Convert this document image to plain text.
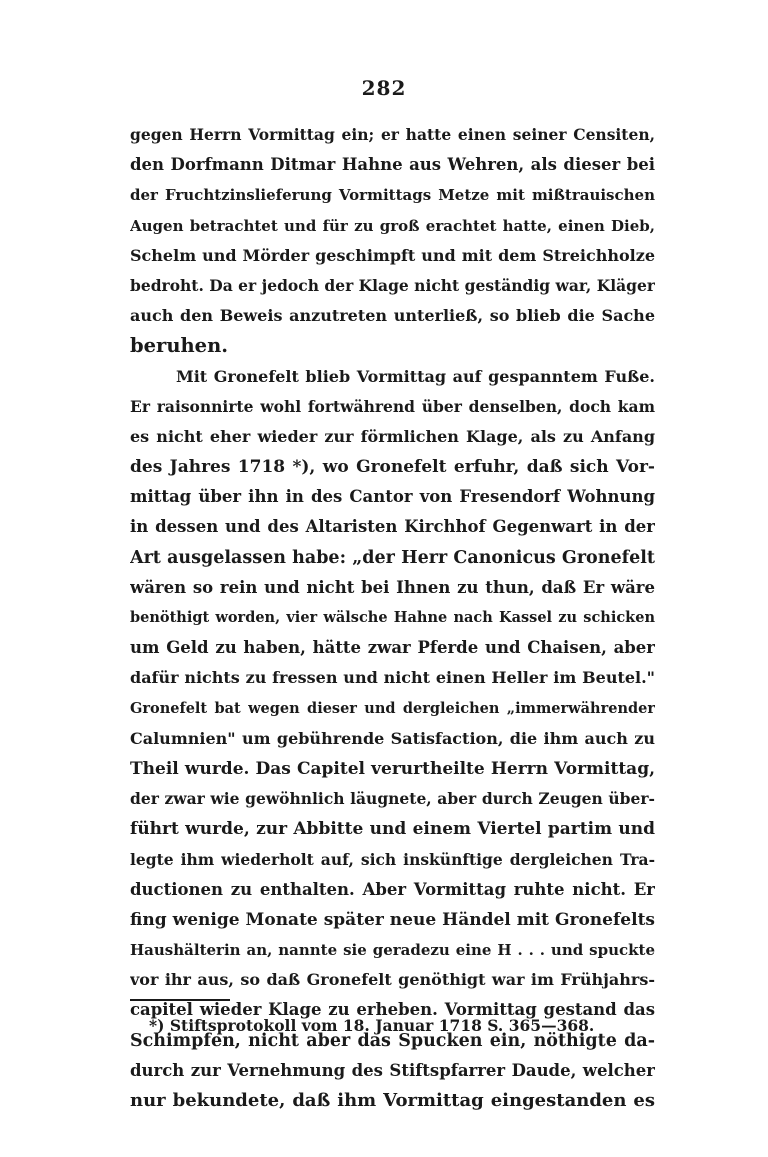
282
gegen Herrn Vormittag ein; er hatte einen seiner Censiten,
den Dorfmann Ditmar Hahne aus Wehren, als dieser bei
der Fruchtzinslieferung Vormittags Metze mit mißtrauischen
Augen betrachtet und für zu groß erachtet hatte, einen Dieb,
Schelm und Mörder geschimpft und mit dem Streichholze
bedroht. Da er jedoch der Klage nicht geständig war, Kläger
auch den Beweis anzutreten unterließ, so blieb die Sache
beruhen.
Mit Gronefelt blieb Vormittag auf gespanntem Fuße.
Er raisonnirte wohl fortwährend über denselben, doch kam
es nicht eher wieder zur förmlichen Klage, als zu Anfang
des Jahres 1718 *), wo Gronefelt erfuhr, daß sich Vor-
mittag über ihn in des Cantor von Fresendorf Wohnung
in dessen und des Altaristen Kirchhof Gegenwart in der
Art ausgelassen habe: „der Herr Canonicus Gronefelt
wären so rein und nicht bei Ihnen zu thun, daß Er wäre
benöthigt worden, vier wälsche Hahne nach Kassel zu schicken
um Geld zu haben, hätte zwar Pferde und Chaisen, aber
dafür nichts zu fressen und nicht einen Heller im Beutel."
Gronefelt bat wegen dieser und dergleichen „immerwährender
Calumnien" um gebührende Satisfaction, die ihm auch zu
Theil wurde. Das Capitel verurtheilte Herrn Vormittag,
der zwar wie gewöhnlich läugnete, aber durch Zeugen über-
führt wurde, zur Abbitte und einem Viertel partim und
legte ihm wiederholt auf, sich inskünftige dergleichen Tra-
ductionen zu enthalten. Aber Vormittag ruhte nicht. Er
fing wenige Monate später neue Händel mit Gronefelts
Haushälterin an, nannte sie geradezu eine H . . . und spuckte
vor ihr aus, so daß Gronefelt genöthigt war im Frühjahrs-
capitel wieder Klage zu erheben. Vormittag gestand das
Schimpfen, nicht aber das Spucken ein, nöthigte da-
durch zur Vernehmung des Stiftspfarrer Daude, welcher
nur bekundete, daß ihm Vormittag eingestanden es
*) Stiftsprotokoll vom 18. Januar 1718 S. 365—368.
